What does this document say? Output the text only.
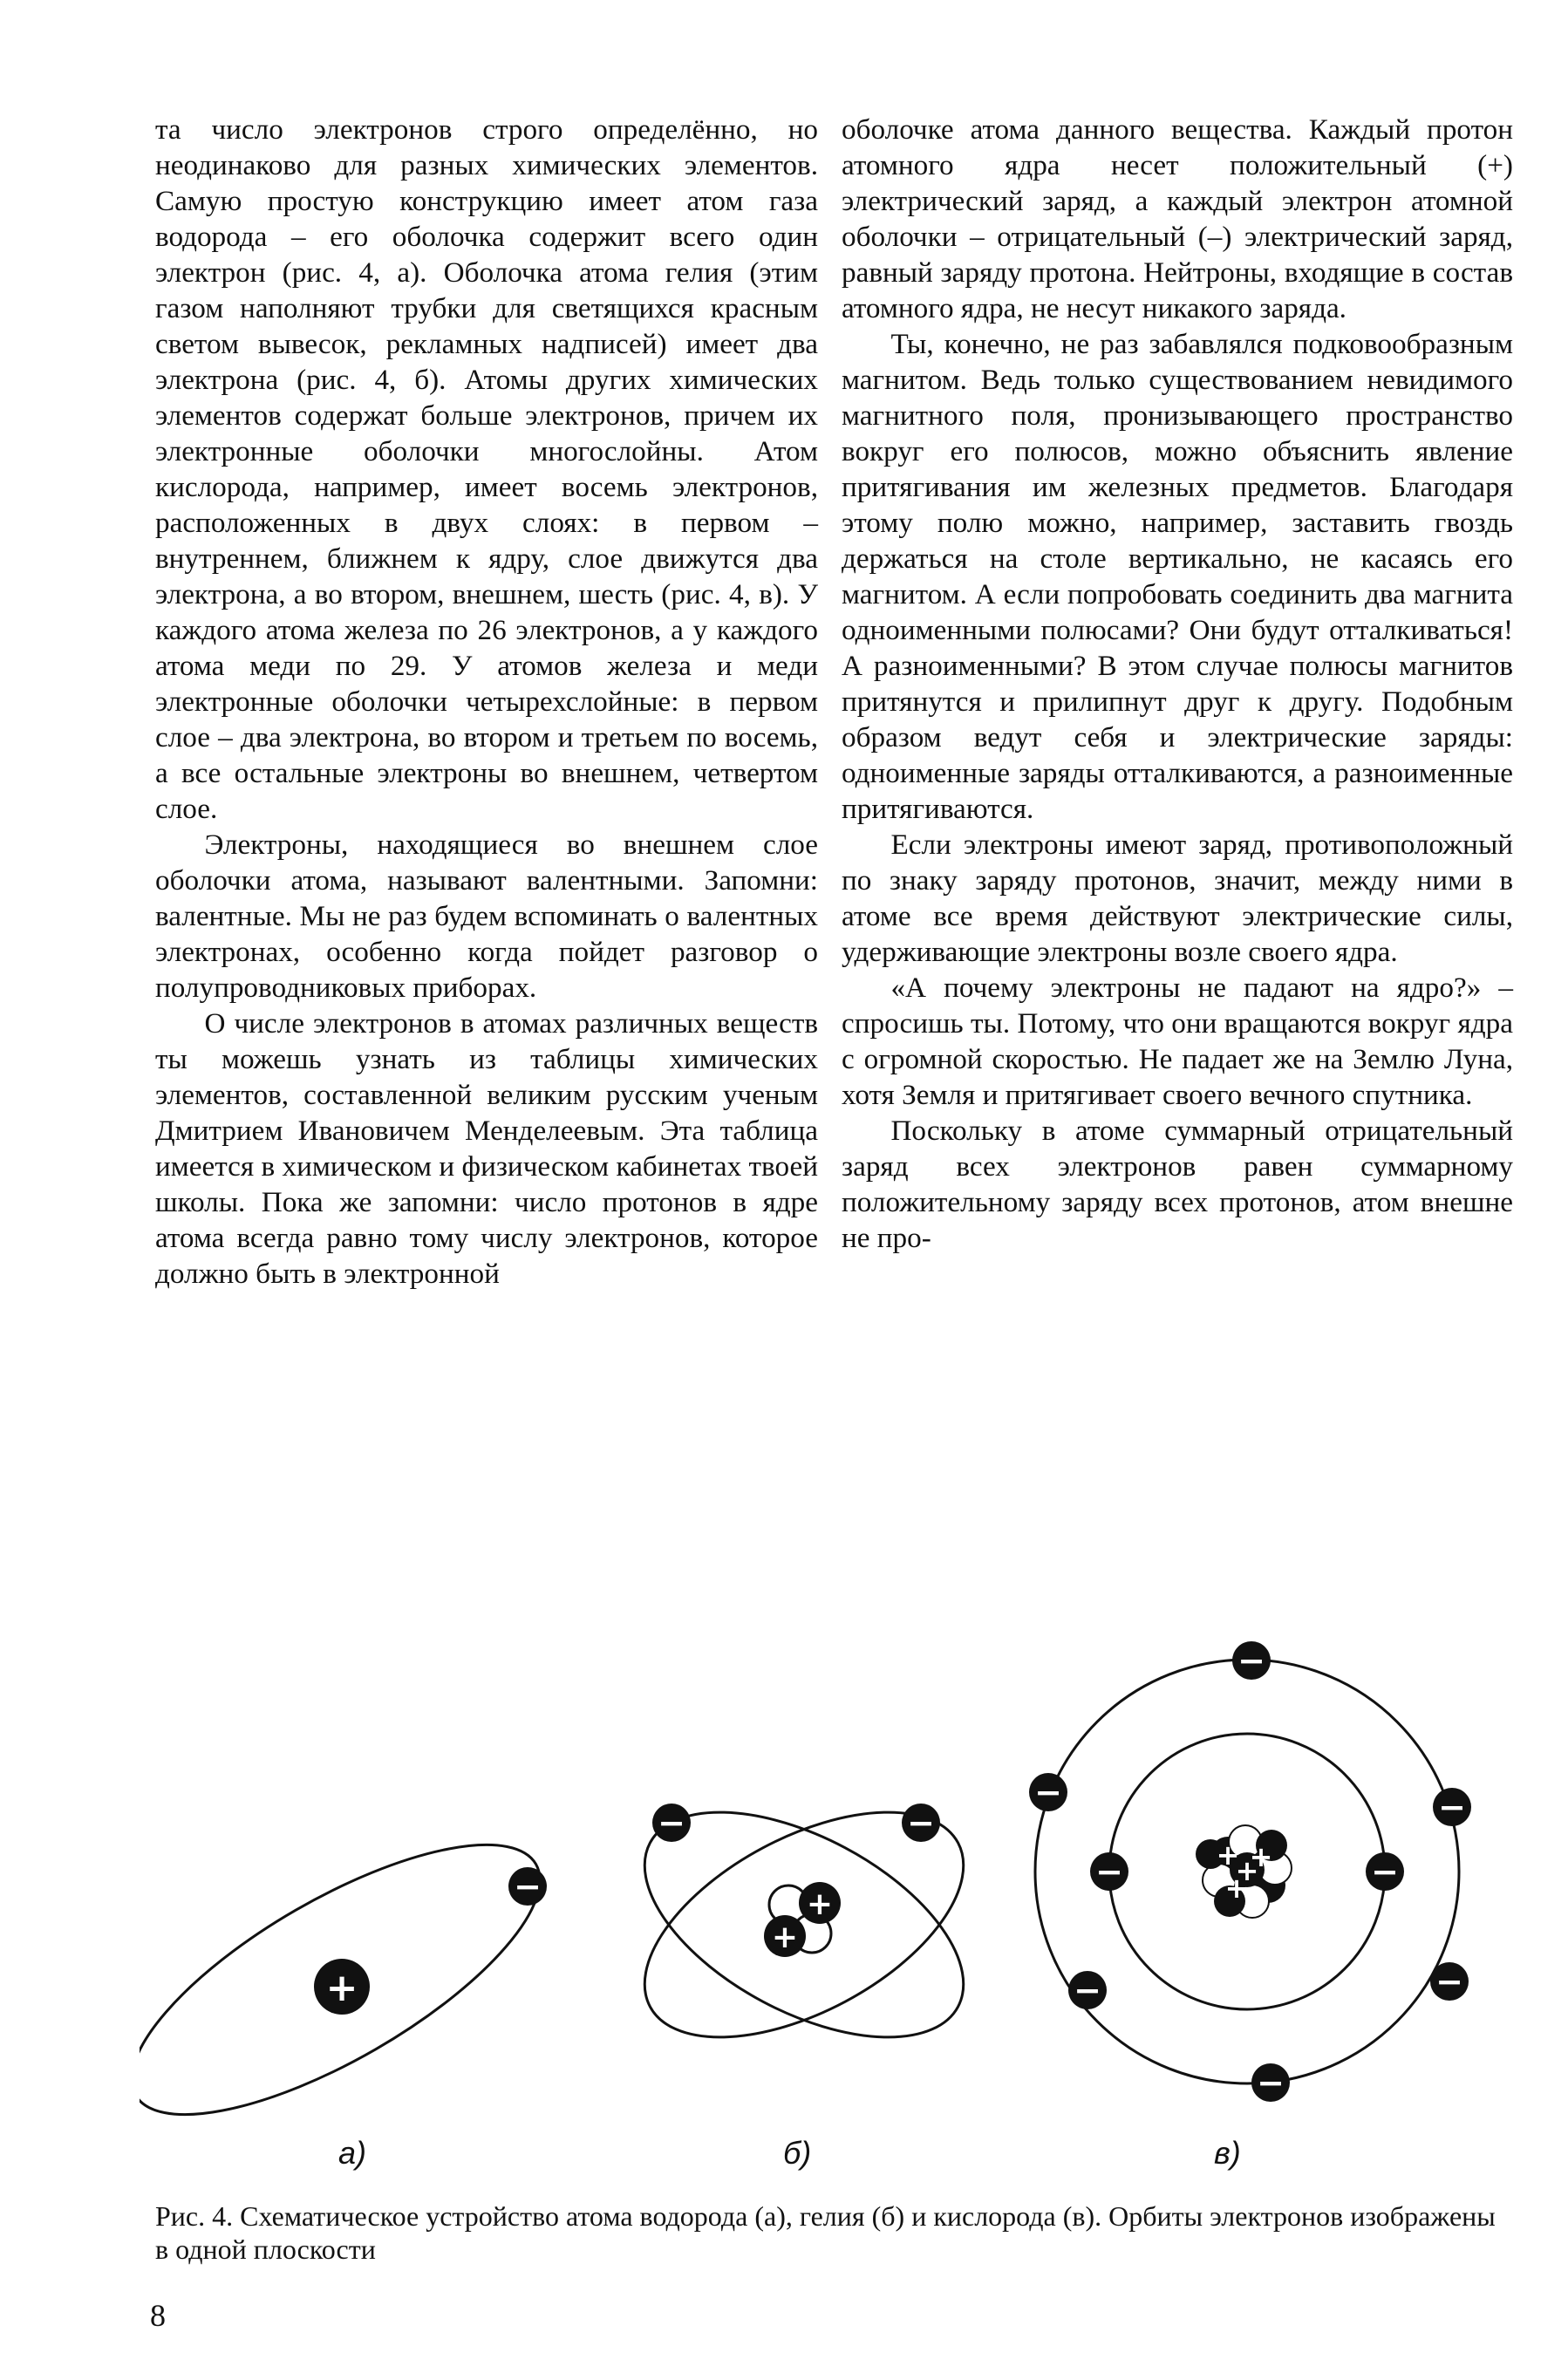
та число электронов строго определённо, но неодинаково для разных химических элементов. Самую простую конструкцию имеет атом газа водорода – его оболочка содержит всего один электрон (рис. 4, а). Оболочка атома гелия (этим газом наполняют трубки для светящихся красным светом вывесок, рекламных надписей) имеет два электрона (рис. 4, б). Атомы других химических элементов содержат больше электронов, причем их электронные оболочки многослойны. Атом кислорода, например, имеет восемь электронов, расположенных в двух слоях: в первом – внутреннем, ближнем к ядру, слое движутся два электрона, а во втором, внешнем, шесть (рис. 4, в). У каждого атома железа по 26 электронов, а у каждого атома меди по 29. У атомов железа и меди электронные оболочки четырехслойные: в первом слое – два электрона, во втором и третьем по восемь, а все остальные электроны во внешнем, четвертом слое.

Электроны, находящиеся во внешнем слое оболочки атома, называют валентными. Запомни: валентные. Мы не раз будем вспоминать о валентных электронах, особенно когда пойдет разговор о полупроводниковых приборах.

О числе электронов в атомах различных веществ ты можешь узнать из таблицы химических элементов, составленной великим русским ученым Дмитрием Ивановичем Менделеевым. Эта таблица имеется в химическом и физическом кабинетах твоей школы. Пока же запомни: число протонов в ядре атома всегда равно тому числу электронов, которое должно быть в электронной

оболочке атома данного вещества. Каждый протон атомного ядра несет положительный (+) электрический заряд, а каждый электрон атомной оболочки – отрицательный (–) электрический заряд, равный заряду протона. Нейтроны, входящие в состав атомного ядра, не несут никакого заряда.

Ты, конечно, не раз забавлялся подковообразным магнитом. Ведь только существованием невидимого магнитного поля, пронизывающего пространство вокруг его полюсов, можно объяснить явление притягивания им железных предметов. Благодаря этому полю можно, например, заставить гвоздь держаться на столе вертикально, не касаясь его магнитом. А если попробовать соединить два магнита одноименными полюсами? Они будут отталкиваться! А разноименными? В этом случае полюсы магнитов притянутся и прилипнут друг к другу. Подобным образом ведут себя и электрические заряды: одноименные заряды отталкиваются, а разноименные притягиваются.

Если электроны имеют заряд, противоположный по знаку заряду протонов, значит, между ними в атоме все время действуют электрические силы, удерживающие электроны возле своего ядра.

«А почему электроны не падают на ядро?» – спросишь ты. Потому, что они вращаются вокруг ядра с огромной скоростью. Не падает же на Землю Луна, хотя Земля и притягивает своего вечного спутника.

Поскольку в атоме суммарный отрицательный заряд всех электронов равен суммарному положительному заряду всех протонов, атом внешне не про-

+
−	+
+
−	−
+ +
+
+
−	−
−
−	−
−	−
−
а)	б)	в)
Рис. 4. Схематическое устройство атома водорода (а), гелия (б) и кислорода (в). Орбиты электронов изображены в одной плоскости
8
